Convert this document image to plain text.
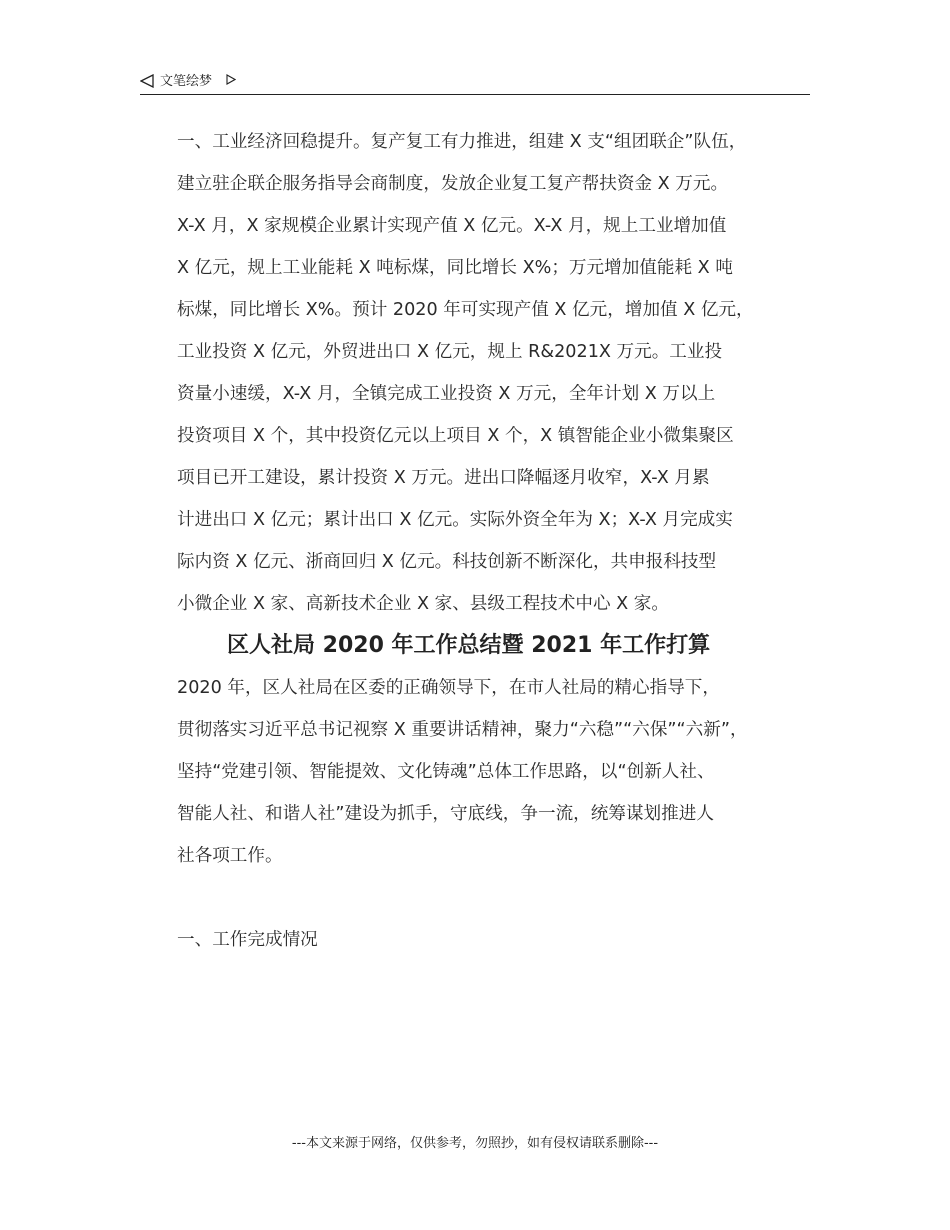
文笔绘梦

一、工业经济回稳提升。复产复工有力推进，组建 X 支“组团联企”队伍，
建立驻企联企服务指导会商制度，发放企业复工复产帮扶资金 X 万元。
X-X 月，X 家规模企业累计实现产值 X 亿元。X-X 月，规上工业增加值
X 亿元，规上工业能耗 X 吨标煤，同比增长 X%；万元增加值能耗 X 吨
标煤，同比增长 X%。预计 2020 年可实现产值 X 亿元，增加值 X 亿元，
工业投资 X 亿元，外贸进出口 X 亿元，规上 R&2021X 万元。工业投
资量小速缓，X-X 月，全镇完成工业投资 X 万元，全年计划 X 万以上
投资项目 X 个，其中投资亿元以上项目 X 个，X 镇智能企业小微集聚区
项目已开工建设，累计投资 X 万元。进出口降幅逐月收窄，X-X 月累
计进出口 X 亿元；累计出口 X 亿元。实际外资全年为 X；X-X 月完成实
际内资 X 亿元、浙商回归 X 亿元。科技创新不断深化，共申报科技型
小微企业 X 家、高新技术企业 X 家、县级工程技术中心 X 家。

区人社局 2020 年工作总结暨 2021 年工作打算

2020 年，区人社局在区委的正确领导下，在市人社局的精心指导下，
贯彻落实习近平总书记视察 X 重要讲话精神，聚力“六稳”“六保”“六新”，
坚持“党建引领、智能提效、文化铸魂”总体工作思路，以“创新人社、
智能人社、和谐人社”建设为抓手，守底线，争一流，统筹谋划推进人
社各项工作。

一、工作完成情况

---本文来源于网络，仅供参考，勿照抄，如有侵权请联系删除---
